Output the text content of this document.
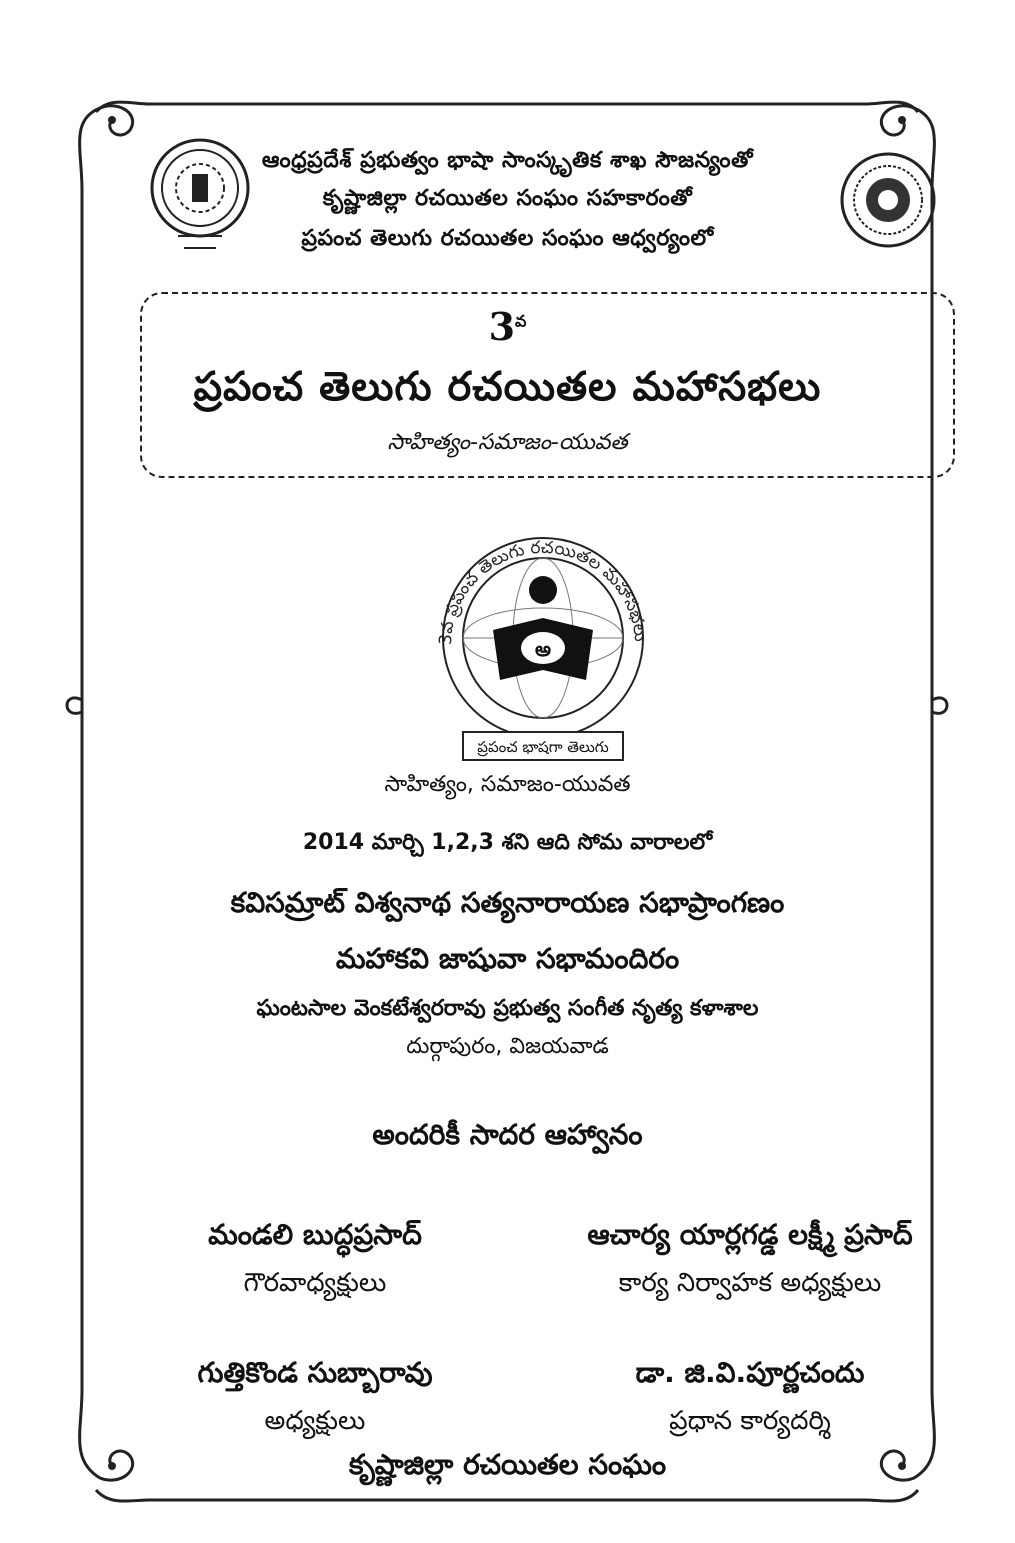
ఆంధ్రప్రదేశ్ ప్రభుత్వం భాషా సాంస్కృతిక శాఖ సౌజన్యంతో
కృష్ణాజిల్లా రచయితల సంఘం సహకారంతో
ప్రపంచ తెలుగు రచయితల సంఘం ఆధ్వర్యంలో
$3^వ$
ప్రపంచ తెలుగు రచయితల మహాసభలు
సాహిత్యం-సమాజం-యువత
3వ ప్రపంచ తెలుగు రచయితల మహాసభలు
అ
ప్రపంచ భాషగా తెలుగు
సాహిత్యం, సమాజం-యువత
2014 మార్చి 1,2,3 శని ఆది సోమ వారాలలో
కవిసమ్రాట్ విశ్వనాథ సత్యనారాయణ సభాప్రాంగణం
మహాకవి జాషువా సభామందిరం
ఘంటసాల వెంకటేశ్వరరావు ప్రభుత్వ సంగీత నృత్య కళాశాల
దుర్గాపురం, విజయవాడ
అందరికీ సాదర ఆహ్వానం
మండలి బుద్ధప్రసాద్
గౌరవాధ్యక్షులు
ఆచార్య యార్లగడ్డ లక్ష్మీ ప్రసాద్
కార్య నిర్వాహక అధ్యక్షులు
గుత్తికొండ సుబ్బారావు
అధ్యక్షులు
డా. జి.వి.పూర్ణచందు
ప్రధాన కార్యదర్శి
కృష్ణాజిల్లా రచయితల సంఘం
